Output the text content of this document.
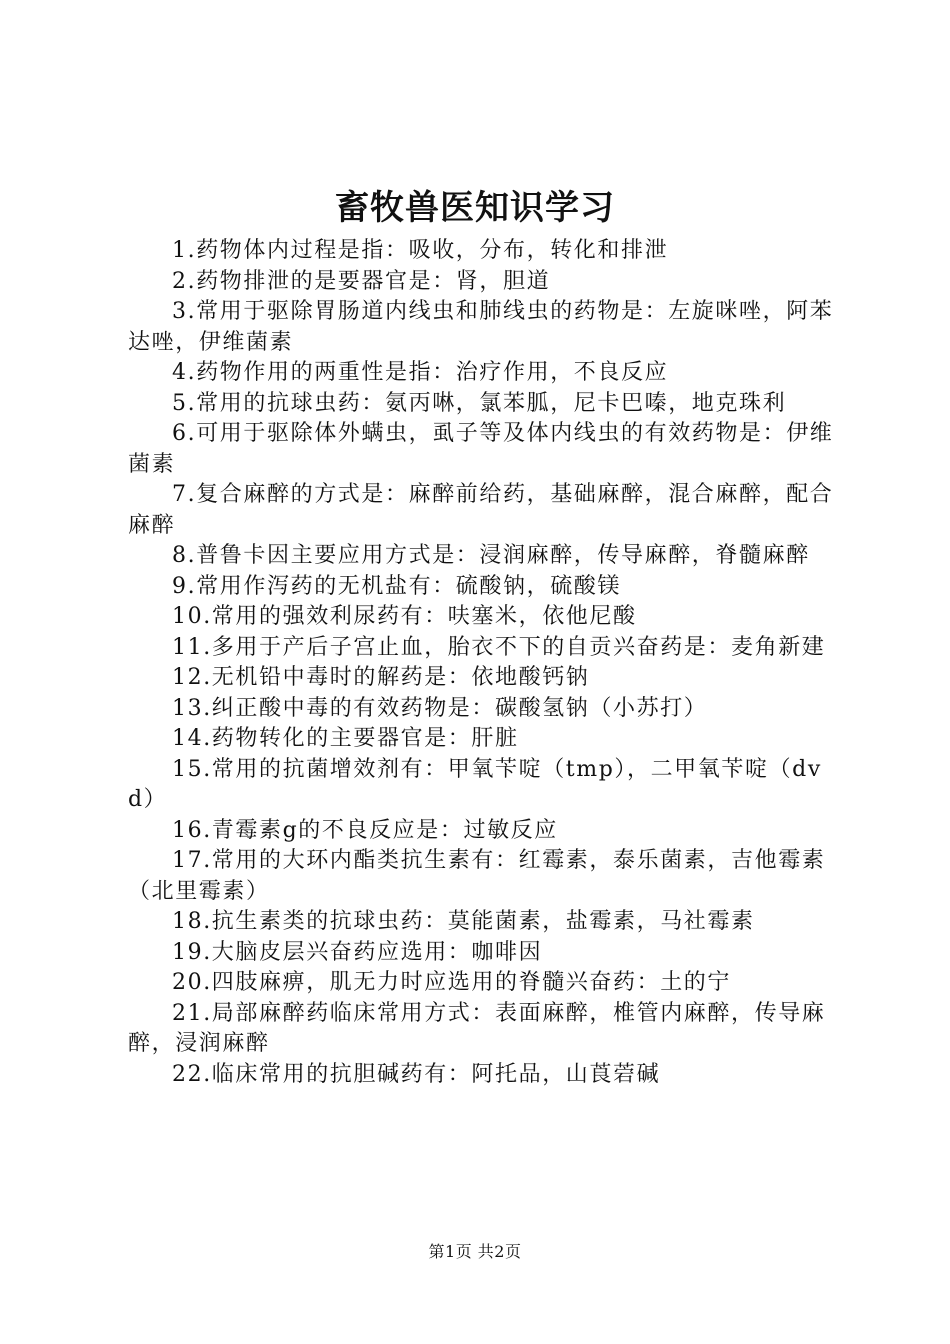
畜牧兽医知识学习

1.药物体内过程是指：吸收，分布，转化和排泄

2.药物排泄的是要器官是：肾，胆道

3.常用于驱除胃肠道内线虫和肺线虫的药物是：左旋咪唑，阿苯达唑，伊维菌素

4.药物作用的两重性是指：治疗作用，不良反应

5.常用的抗球虫药：氨丙啉，氯苯胍，尼卡巴嗪，地克珠利

6.可用于驱除体外螨虫，虱子等及体内线虫的有效药物是：伊维菌素

7.复合麻醉的方式是：麻醉前给药，基础麻醉，混合麻醉，配合麻醉

8.普鲁卡因主要应用方式是：浸润麻醉，传导麻醉，脊髓麻醉

9.常用作泻药的无机盐有：硫酸钠，硫酸镁

10.常用的强效利尿药有：呋塞米，依他尼酸

11.多用于产后子宫止血，胎衣不下的自贡兴奋药是：麦角新建

12.无机铅中毒时的解药是：依地酸钙钠

13.纠正酸中毒的有效药物是：碳酸氢钠（小苏打）

14.药物转化的主要器官是：肝脏

15.常用的抗菌增效剂有：甲氧苄啶（tmp），二甲氧苄啶（dvd）

16.青霉素g的不良反应是：过敏反应

17.常用的大环内酯类抗生素有：红霉素，泰乐菌素，吉他霉素（北里霉素）

18.抗生素类的抗球虫药：莫能菌素，盐霉素，马社霉素

19.大脑皮层兴奋药应选用：咖啡因

20.四肢麻痹，肌无力时应选用的脊髓兴奋药：土的宁

21.局部麻醉药临床常用方式：表面麻醉，椎管内麻醉，传导麻醉，浸润麻醉

22.临床常用的抗胆碱药有：阿托品，山莨菪碱

第1页 共2页
